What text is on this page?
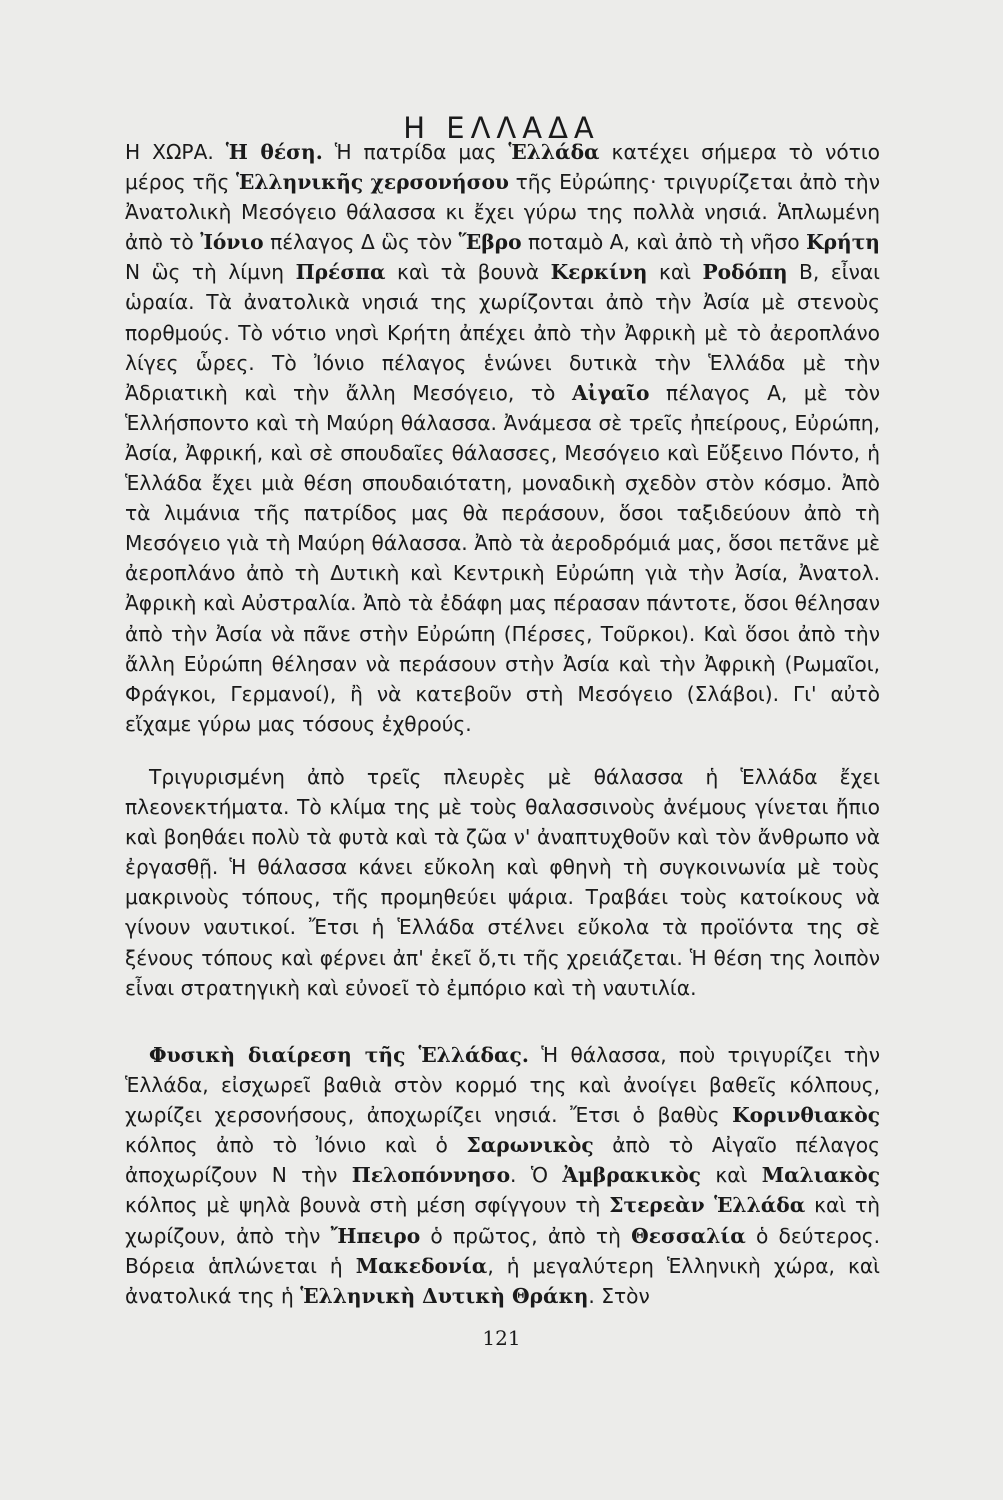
Η ΕΛΛΑΔΑ

Η ΧΩΡΑ. Ἡ θέση. Ἡ πατρίδα μας Ἑλλάδα κατέχει σήμερα τὸ νότιο μέρος τῆς Ἑλληνικῆς χερσονήσου τῆς Εὐρώπης· τριγυρίζεται ἀπὸ τὴν Ἀνατολικὴ Μεσόγειο θάλασσα κι ἔχει γύρω της πολλὰ νησιά. Ἁπλωμένη ἀπὸ τὸ Ἰόνιο πέλαγος Δ ὣς τὸν Ἕβρο ποταμὸ Α, καὶ ἀπὸ τὴ νῆσο Κρήτη Ν ὣς τὴ λίμνη Πρέσπα καὶ τὰ βουνὰ Κερκίνη καὶ Ροδόπη Β, εἶναι ὡραία. Τὰ ἀνατολικὰ νησιά της χωρίζονται ἀπὸ τὴν Ἀσία μὲ στενοὺς πορθμούς. Τὸ νότιο νησὶ Κρήτη ἀπέχει ἀπὸ τὴν Ἀφρικὴ μὲ τὸ ἀεροπλάνο λίγες ὧρες. Τὸ Ἰόνιο πέλαγος ἑνώνει δυτικὰ τὴν Ἑλλάδα μὲ τὴν Ἀδριατικὴ καὶ τὴν ἄλλη Μεσόγειο, τὸ Αἰγαῖο πέλαγος Α, μὲ τὸν Ἑλλήσποντο καὶ τὴ Μαύρη θάλασσα. Ἀνάμεσα σὲ τρεῖς ἠπείρους, Εὐρώπη, Ἀσία, Ἀφρική, καὶ σὲ σπουδαῖες θάλασσες, Μεσόγειο καὶ Εὔξεινο Πόντο, ἡ Ἑλλάδα ἔχει μιὰ θέση σπουδαιότατη, μοναδικὴ σχεδὸν στὸν κόσμο. Ἀπὸ τὰ λιμάνια τῆς πατρίδος μας θὰ περάσουν, ὅσοι ταξιδεύουν ἀπὸ τὴ Μεσόγειο γιὰ τὴ Μαύρη θάλασσα. Ἀπὸ τὰ ἀεροδρόμιά μας, ὅσοι πετᾶνε μὲ ἀεροπλάνο ἀπὸ τὴ Δυτικὴ καὶ Κεντρικὴ Εὐρώπη γιὰ τὴν Ἀσία, Ἀνατολ. Ἀφρικὴ καὶ Αὐστραλία. Ἀπὸ τὰ ἐδάφη μας πέρασαν πάντοτε, ὅσοι θέλησαν ἀπὸ τὴν Ἀσία νὰ πᾶνε στὴν Εὐρώπη (Πέρσες, Τοῦρκοι). Καὶ ὅσοι ἀπὸ τὴν ἄλλη Εὐρώπη θέλησαν νὰ περάσουν στὴν Ἀσία καὶ τὴν Ἀφρικὴ (Ρωμαῖοι, Φράγκοι, Γερμανοί), ἢ νὰ κατεβοῦν στὴ Μεσόγειο (Σλάβοι). Γι' αὐτὸ εἴχαμε γύρω μας τόσους ἐχθρούς.

Τριγυρισμένη ἀπὸ τρεῖς πλευρὲς μὲ θάλασσα ἡ Ἑλλάδα ἔχει πλεονεκτήματα. Τὸ κλίμα της μὲ τοὺς θαλασσινοὺς ἀνέμους γίνεται ἤπιο καὶ βοηθάει πολὺ τὰ φυτὰ καὶ τὰ ζῶα ν' ἀναπτυχθοῦν καὶ τὸν ἄνθρωπο νὰ ἐργασθῇ. Ἡ θάλασσα κάνει εὔκολη καὶ φθηνὴ τὴ συγκοινωνία μὲ τοὺς μακρινοὺς τόπους, τῆς προμηθεύει ψάρια. Τραβάει τοὺς κατοίκους νὰ γίνουν ναυτικοί. Ἔτσι ἡ Ἑλλάδα στέλνει εὔκολα τὰ προϊόντα της σὲ ξένους τόπους καὶ φέρνει ἀπ' ἐκεῖ ὅ,τι τῆς χρειάζεται. Ἡ θέση της λοιπὸν εἶναι στρατηγικὴ καὶ εὐνοεῖ τὸ ἐμπόριο καὶ τὴ ναυτιλία.

Φυσικὴ διαίρεση τῆς Ἑλλάδας. Ἡ θάλασσα, ποὺ τριγυρίζει τὴν Ἑλλάδα, εἰσχωρεῖ βαθιὰ στὸν κορμό της καὶ ἀνοίγει βαθεῖς κόλπους, χωρίζει χερσονήσους, ἀποχωρίζει νησιά. Ἔτσι ὁ βαθὺς Κορινθιακὸς κόλπος ἀπὸ τὸ Ἰόνιο καὶ ὁ Σαρωνικὸς ἀπὸ τὸ Αἰγαῖο πέλαγος ἀποχωρίζουν Ν τὴν Πελοπόννησο. Ὁ Ἀμβρακικὸς καὶ Μαλιακὸς κόλπος μὲ ψηλὰ βουνὰ στὴ μέση σφίγγουν τὴ Στερεὰν Ἑλλάδα καὶ τὴ χωρίζουν, ἀπὸ τὴν Ἤπειρο ὁ πρῶτος, ἀπὸ τὴ Θεσσαλία ὁ δεύτερος. Βόρεια ἁπλώνεται ἡ Μακεδονία, ἡ μεγαλύτερη Ἑλληνικὴ χώρα, καὶ ἀνατολικά της ἡ Ἑλληνικὴ Δυτικὴ Θράκη. Στὸν

121
